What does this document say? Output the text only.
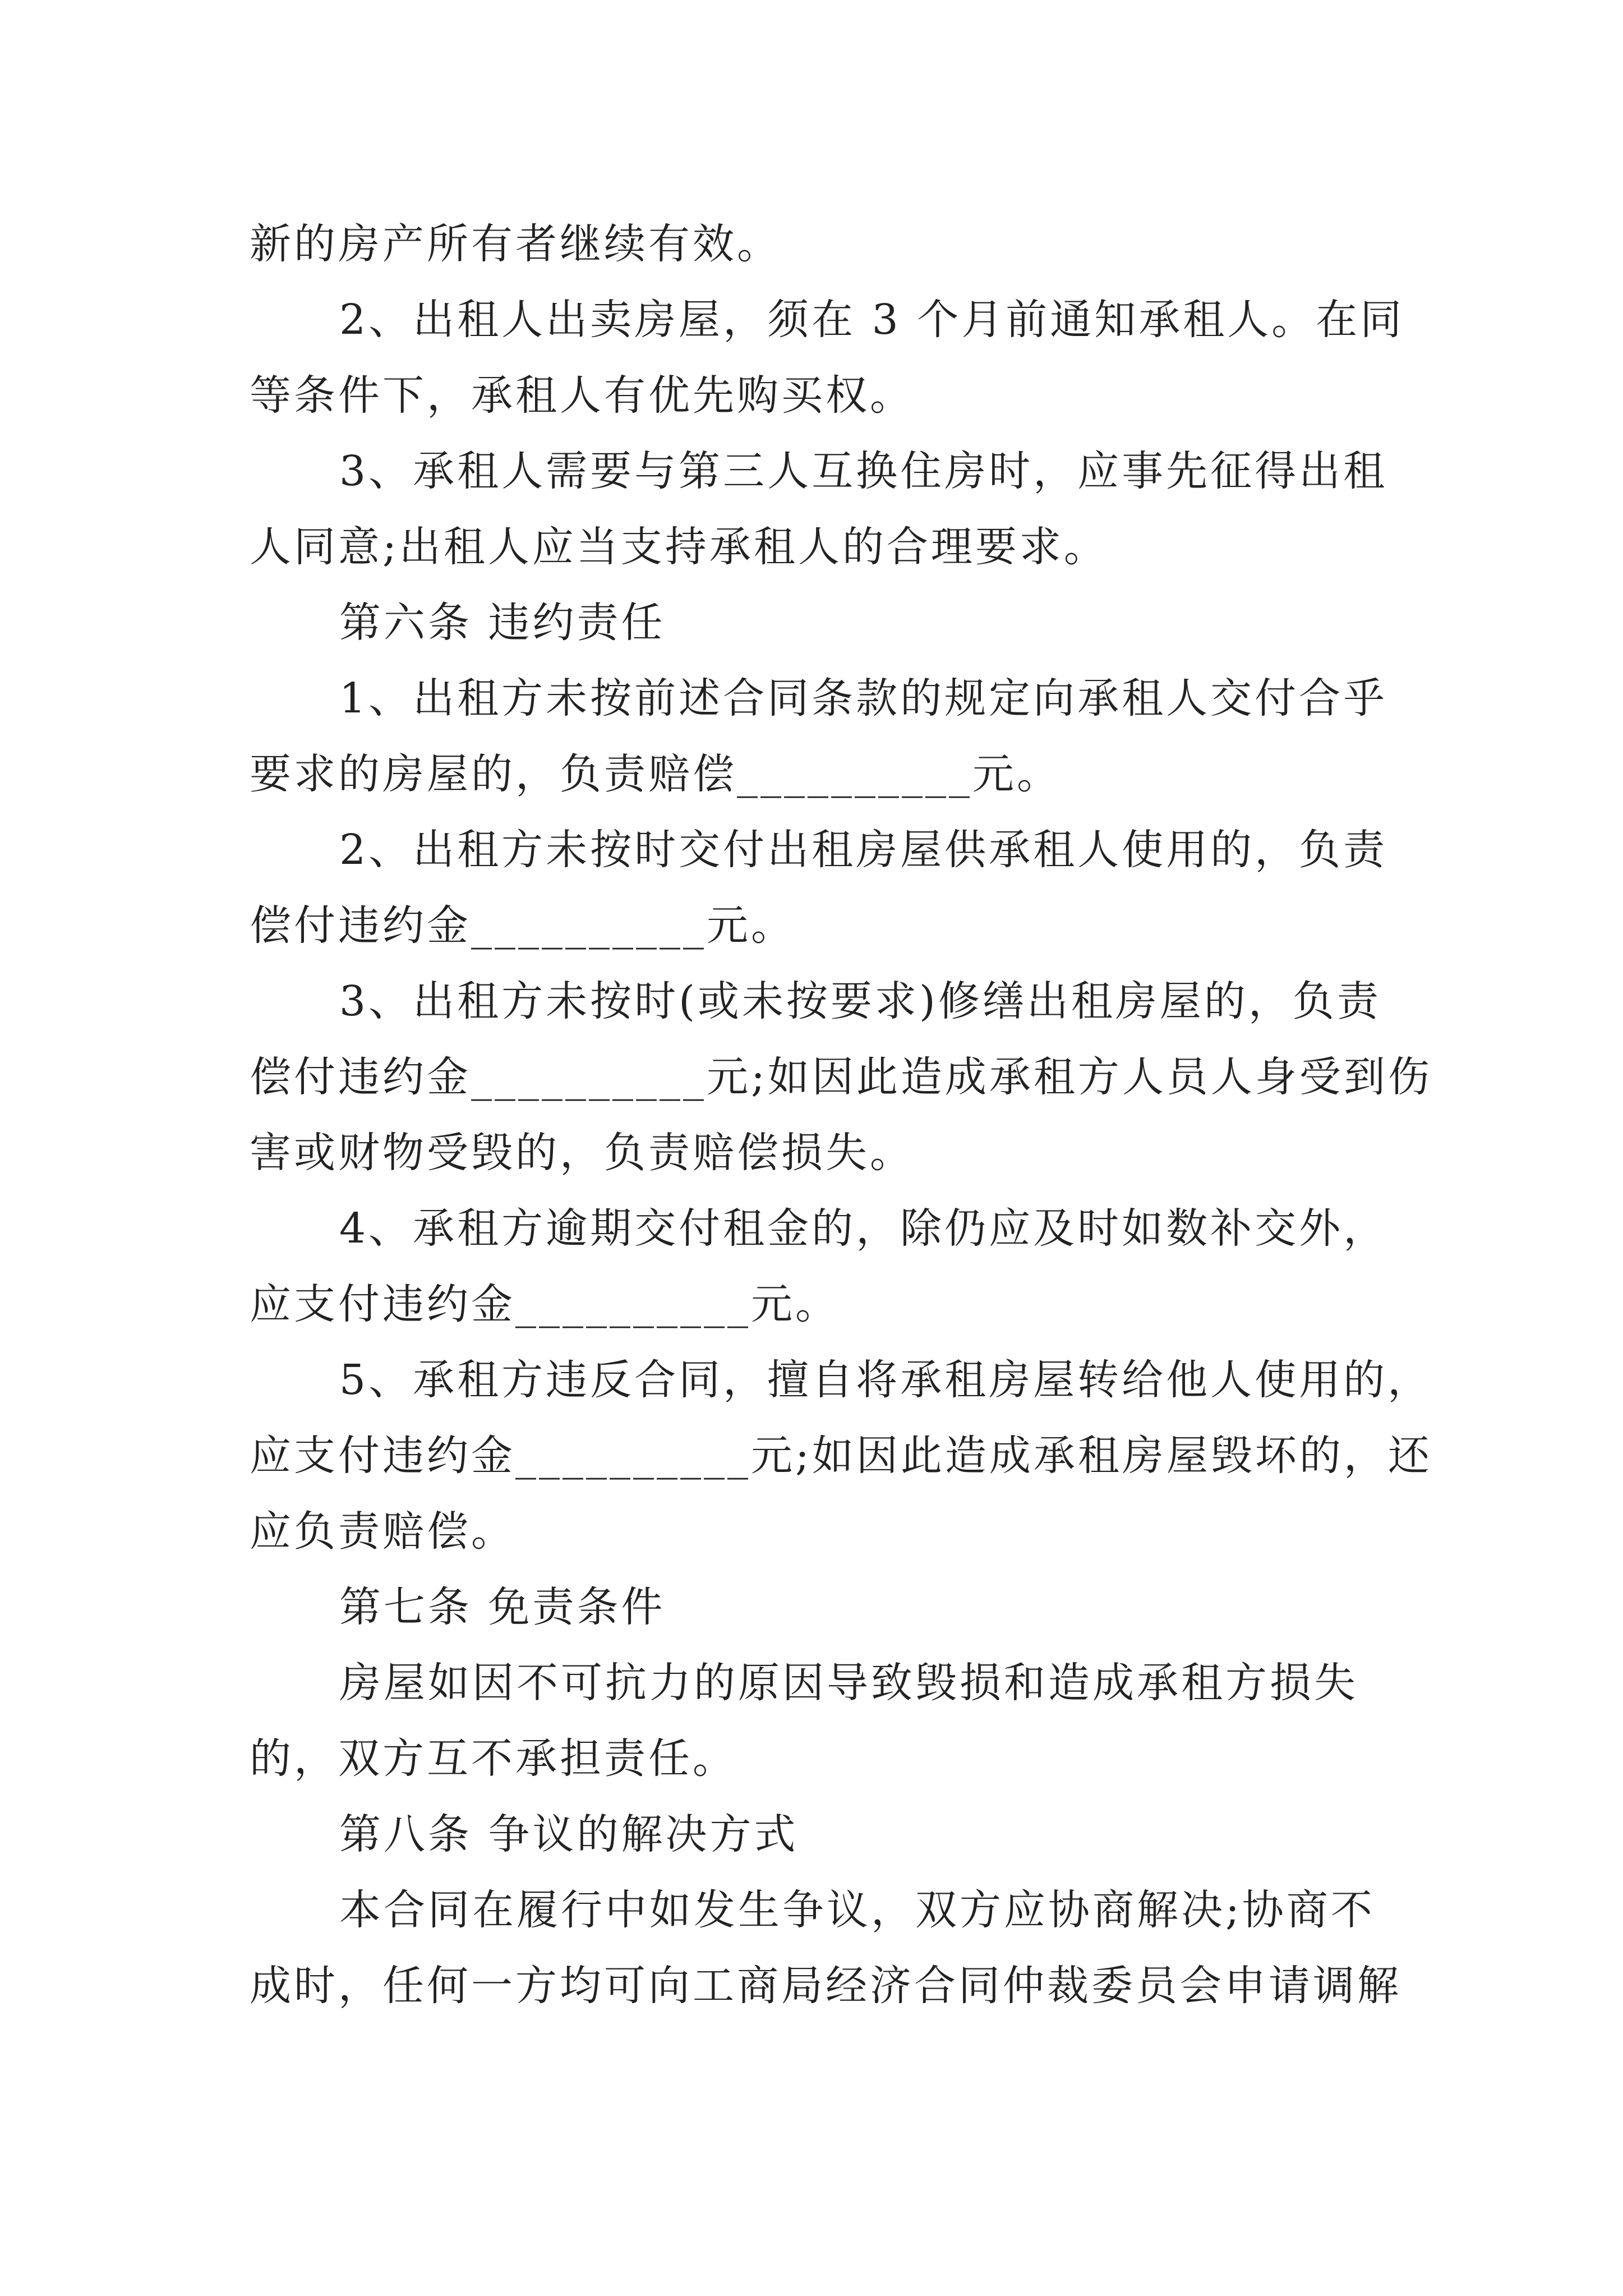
新的房产所有者继续有效。

2、出租人出卖房屋，须在 3 个月前通知承租人。在同

等条件下，承租人有优先购买权。

3、承租人需要与第三人互换住房时，应事先征得出租

人同意;出租人应当支持承租人的合理要求。

第六条 违约责任

1、出租方未按前述合同条款的规定向承租人交付合乎

要求的房屋的，负责赔偿__________元。

2、出租方未按时交付出租房屋供承租人使用的，负责

偿付违约金__________元。

3、出租方未按时(或未按要求)修缮出租房屋的，负责

偿付违约金__________元;如因此造成承租方人员人身受到伤

害或财物受毁的，负责赔偿损失。

4、承租方逾期交付租金的，除仍应及时如数补交外，

应支付违约金__________元。

5、承租方违反合同，擅自将承租房屋转给他人使用的，

应支付违约金__________元;如因此造成承租房屋毁坏的，还

应负责赔偿。

第七条 免责条件

房屋如因不可抗力的原因导致毁损和造成承租方损失

的，双方互不承担责任。

第八条 争议的解决方式

本合同在履行中如发生争议，双方应协商解决;协商不

成时，任何一方均可向工商局经济合同仲裁委员会申请调解
